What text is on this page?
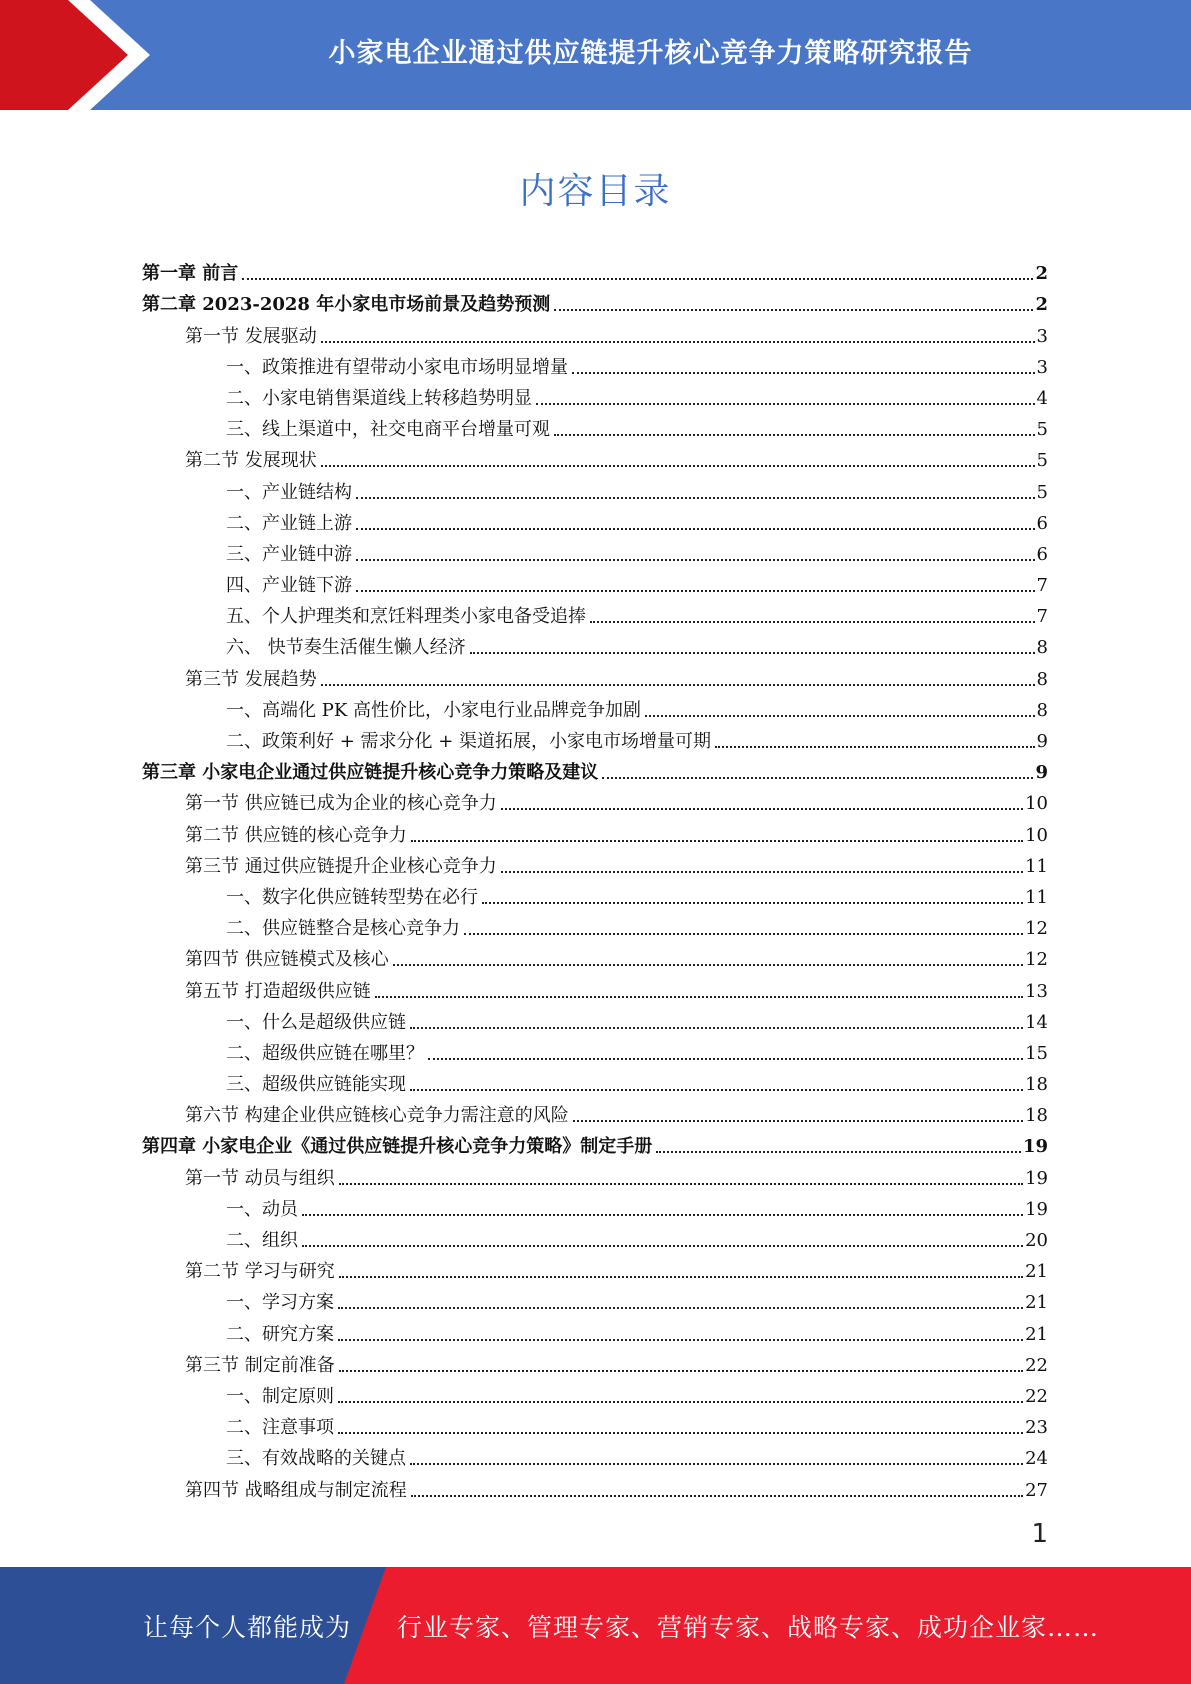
小家电企业通过供应链提升核心竞争力策略研究报告
内容目录
第一章 前言	2
第二章 2023-2028 年小家电市场前景及趋势预测	2
第一节 发展驱动	3
一、政策推进有望带动小家电市场明显增量	3
二、小家电销售渠道线上转移趋势明显	4
三、线上渠道中，社交电商平台增量可观	5
第二节 发展现状	5
一、产业链结构	5
二、产业链上游	6
三、产业链中游	6
四、产业链下游	7
五、个人护理类和烹饪料理类小家电备受追捧	7
六、 快节奏生活催生懒人经济	8
第三节 发展趋势	8
一、高端化 PK 高性价比，小家电行业品牌竞争加剧	8
二、政策利好 + 需求分化 + 渠道拓展，小家电市场增量可期	9
第三章 小家电企业通过供应链提升核心竞争力策略及建议	9
第一节 供应链已成为企业的核心竞争力	10
第二节 供应链的核心竞争力	10
第三节 通过供应链提升企业核心竞争力	11
一、数字化供应链转型势在必行	11
二、供应链整合是核心竞争力	12
第四节 供应链模式及核心	12
第五节 打造超级供应链	13
一、什么是超级供应链	14
二、超级供应链在哪里？	15
三、超级供应链能实现	18
第六节 构建企业供应链核心竞争力需注意的风险	18
第四章 小家电企业《通过供应链提升核心竞争力策略》制定手册	19
第一节 动员与组织	19
一、动员	19
二、组织	20
第二节 学习与研究	21
一、学习方案	21
二、研究方案	21
第三节 制定前准备	22
一、制定原则	22
二、注意事项	23
三、有效战略的关键点	24
第四节 战略组成与制定流程	27
1
让每个人都能成为 行业专家、管理专家、营销专家、战略专家、成功企业家……
